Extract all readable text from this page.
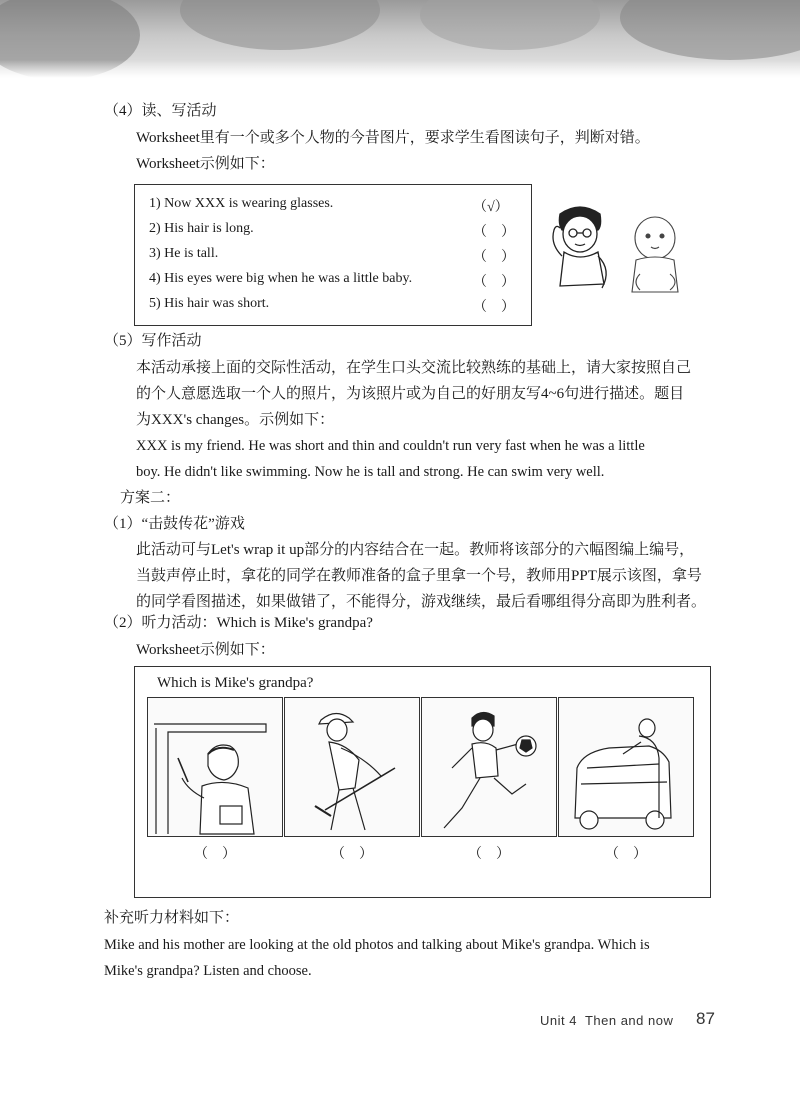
（4）读、写活动
Worksheet里有一个或多个人物的今昔图片，要求学生看图读句子，判断对错。
Worksheet示例如下：
1) Now XXX is wearing glasses.	（√）
2) His hair is long.	（　）
3) He is tall.	（　）
4) His eyes were big when he was a little baby.	（　）
5) His hair was short.	（　）
（5）写作活动
本活动承接上面的交际性活动，在学生口头交流比较熟练的基础上，请大家按照自己
的个人意愿选取一个人的照片，为该照片或为自己的好朋友写4~6句进行描述。题目
为XXX's changes。示例如下：
XXX is my friend. He was short and thin and couldn't run very fast when he was a little
boy. He didn't like swimming. Now he is tall and strong. He can swim very well.
方案二：
（1）“击鼓传花”游戏
此活动可与Let's wrap it up部分的内容结合在一起。教师将该部分的六幅图编上编号，
当鼓声停止时，拿花的同学在教师准备的盒子里拿一个号，教师用PPT展示该图，拿号
的同学看图描述，如果做错了，不能得分，游戏继续，最后看哪组得分高即为胜利者。
（2）听力活动：Which is Mike's grandpa?
Worksheet示例如下：
Which is Mike's grandpa?
（　）	（　）	（　）	（　）
补充听力材料如下：
Mike and his mother are looking at the old photos and talking about Mike's grandpa. Which is
Mike's grandpa? Listen and choose.
Unit 4  Then and now 87
